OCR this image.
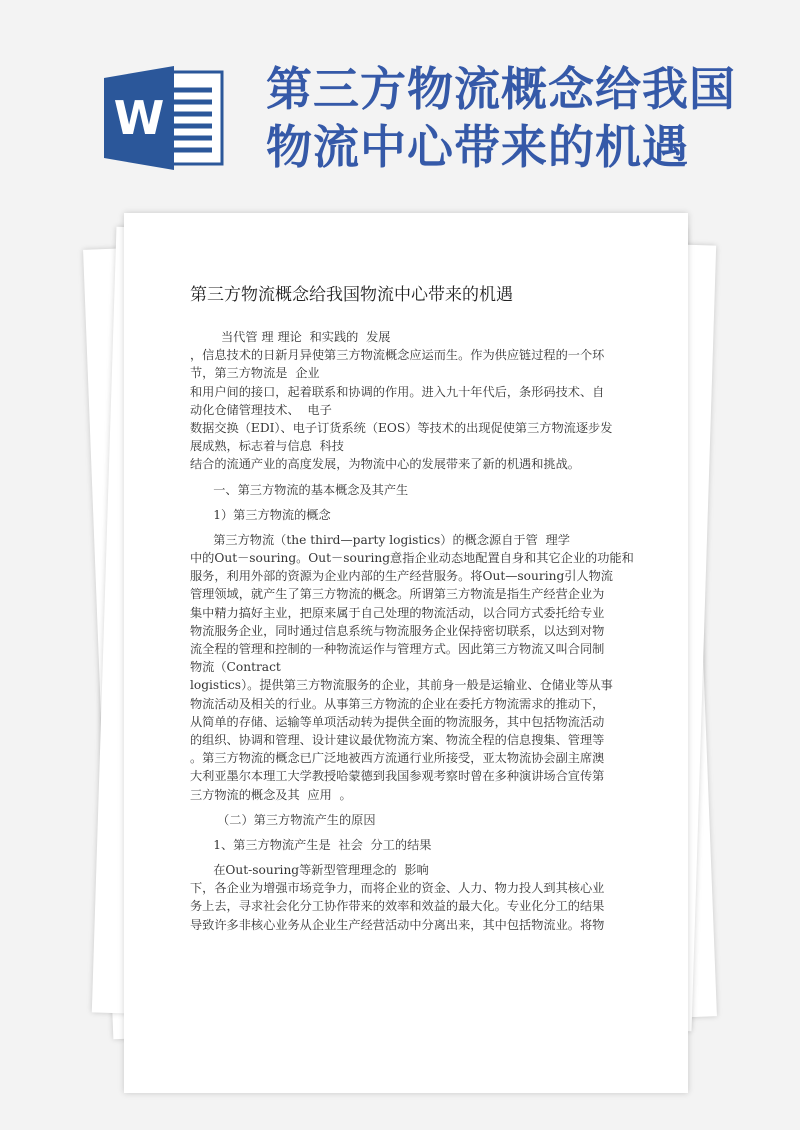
W
第三方物流概念给我国
物流中心带来的机遇
第三方物流概念给我国物流中心带来的机遇
当代管 理 理论  和实践的  发展
，信息技术的日新月异使第三方物流概念应运而生。作为供应链过程的一个环
节，第三方物流是  企业
和用户间的接口，起着联系和协调的作用。进入九十年代后，条形码技术、自
动化仓储管理技术、  电子
数据交换（EDI）、电子订货系统（EOS）等技术的出现促使第三方物流逐步发
展成熟，标志着与信息  科技
结合的流通产业的高度发展，为物流中心的发展带来了新的机遇和挑战。
一、第三方物流的基本概念及其产生
1）第三方物流的概念
第三方物流（the third—party logistics）的概念源自于管  理学
中的Out－souring。Out－souring意指企业动态地配置自身和其它企业的功能和
服务，利用外部的资源为企业内部的生产经营服务。将Out—souring引人物流
管理领域，就产生了第三方物流的概念。所谓第三方物流是指生产经营企业为
集中精力搞好主业，把原来属于自己处理的物流活动，以合同方式委托给专业
物流服务企业，同时通过信息系统与物流服务企业保持密切联系，以达到对物
流全程的管理和控制的一种物流运作与管理方式。因此第三方物流又叫合同制
物流（Contract
logistics）。提供第三方物流服务的企业，其前身一般是运输业、仓储业等从事
物流活动及相关的行业。从事第三方物流的企业在委托方物流需求的推动下，
从简单的存储、运输等单项活动转为提供全面的物流服务，其中包括物流活动
的组织、协调和管理、设计建议最优物流方案、物流全程的信息搜集、管理等
。第三方物流的概念已广泛地被西方流通行业所接受，亚太物流协会副主席澳
大利亚墨尔本理工大学教授哈蒙德到我国参观考察时曾在多种演讲场合宣传第
三方物流的概念及其  应用  。
（二）第三方物流产生的原因
1、第三方物流产生是  社会  分工的结果
在Out-souring等新型管理理念的  影响
下，各企业为增强市场竞争力，而将企业的资金、人力、物力投人到其核心业
务上去，寻求社会化分工协作带来的效率和效益的最大化。专业化分工的结果
导致许多非核心业务从企业生产经营活动中分离出来，其中包括物流业。将物
